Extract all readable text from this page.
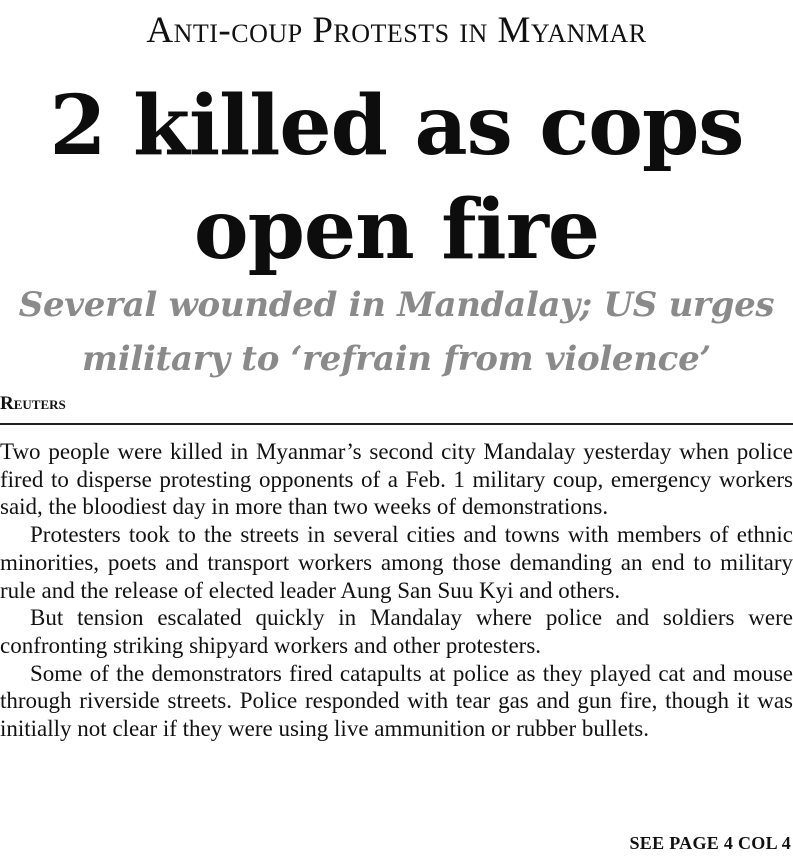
Anti-coup Protests in Myanmar
2 killed as cops
open fire
Several wounded in Mandalay; US urges
military to ‘refrain from violence’
Reuters

Two people were killed in Myanmar’s second city Mandalay yesterday when police fired to disperse protesting opponents of a Feb. 1 military coup, emergency workers said, the bloodiest day in more than two weeks of demonstrations.

Protesters took to the streets in several cities and towns with members of ethnic minorities, poets and transport workers among those demanding an end to military rule and the release of elected leader Aung San Suu Kyi and others.

But tension escalated quickly in Mandalay where police and soldiers were confronting striking shipyard workers and other protesters.

Some of the demonstrators fired catapults at police as they played cat and mouse through riverside streets. Police responded with tear gas and gun fire, though it was initially not clear if they were using live ammunition or rubber bullets.

SEE PAGE 4 COL 4
